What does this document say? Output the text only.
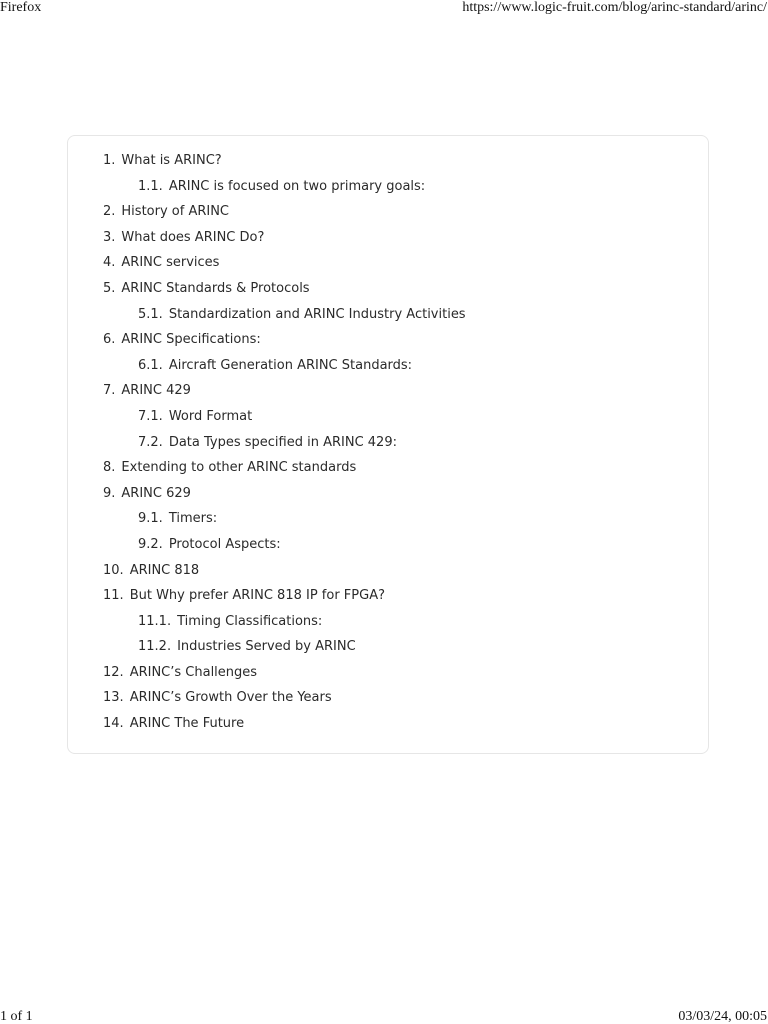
Firefox	https://www.logic-fruit.com/blog/arinc-standard/arinc/
1. What is ARINC?
1.1. ARINC is focused on two primary goals:
2. History of ARINC
3. What does ARINC Do?
4. ARINC services
5. ARINC Standards & Protocols
5.1. Standardization and ARINC Industry Activities
6. ARINC Specifications:
6.1. Aircraft Generation ARINC Standards:
7. ARINC 429
7.1. Word Format
7.2. Data Types specified in ARINC 429:
8. Extending to other ARINC standards
9. ARINC 629
9.1. Timers:
9.2. Protocol Aspects:
10. ARINC 818
11. But Why prefer ARINC 818 IP for FPGA?
11.1. Timing Classifications:
11.2. Industries Served by ARINC
12. ARINC’s Challenges
13. ARINC’s Growth Over the Years
14. ARINC The Future
1 of 1	03/03/24, 00:05
